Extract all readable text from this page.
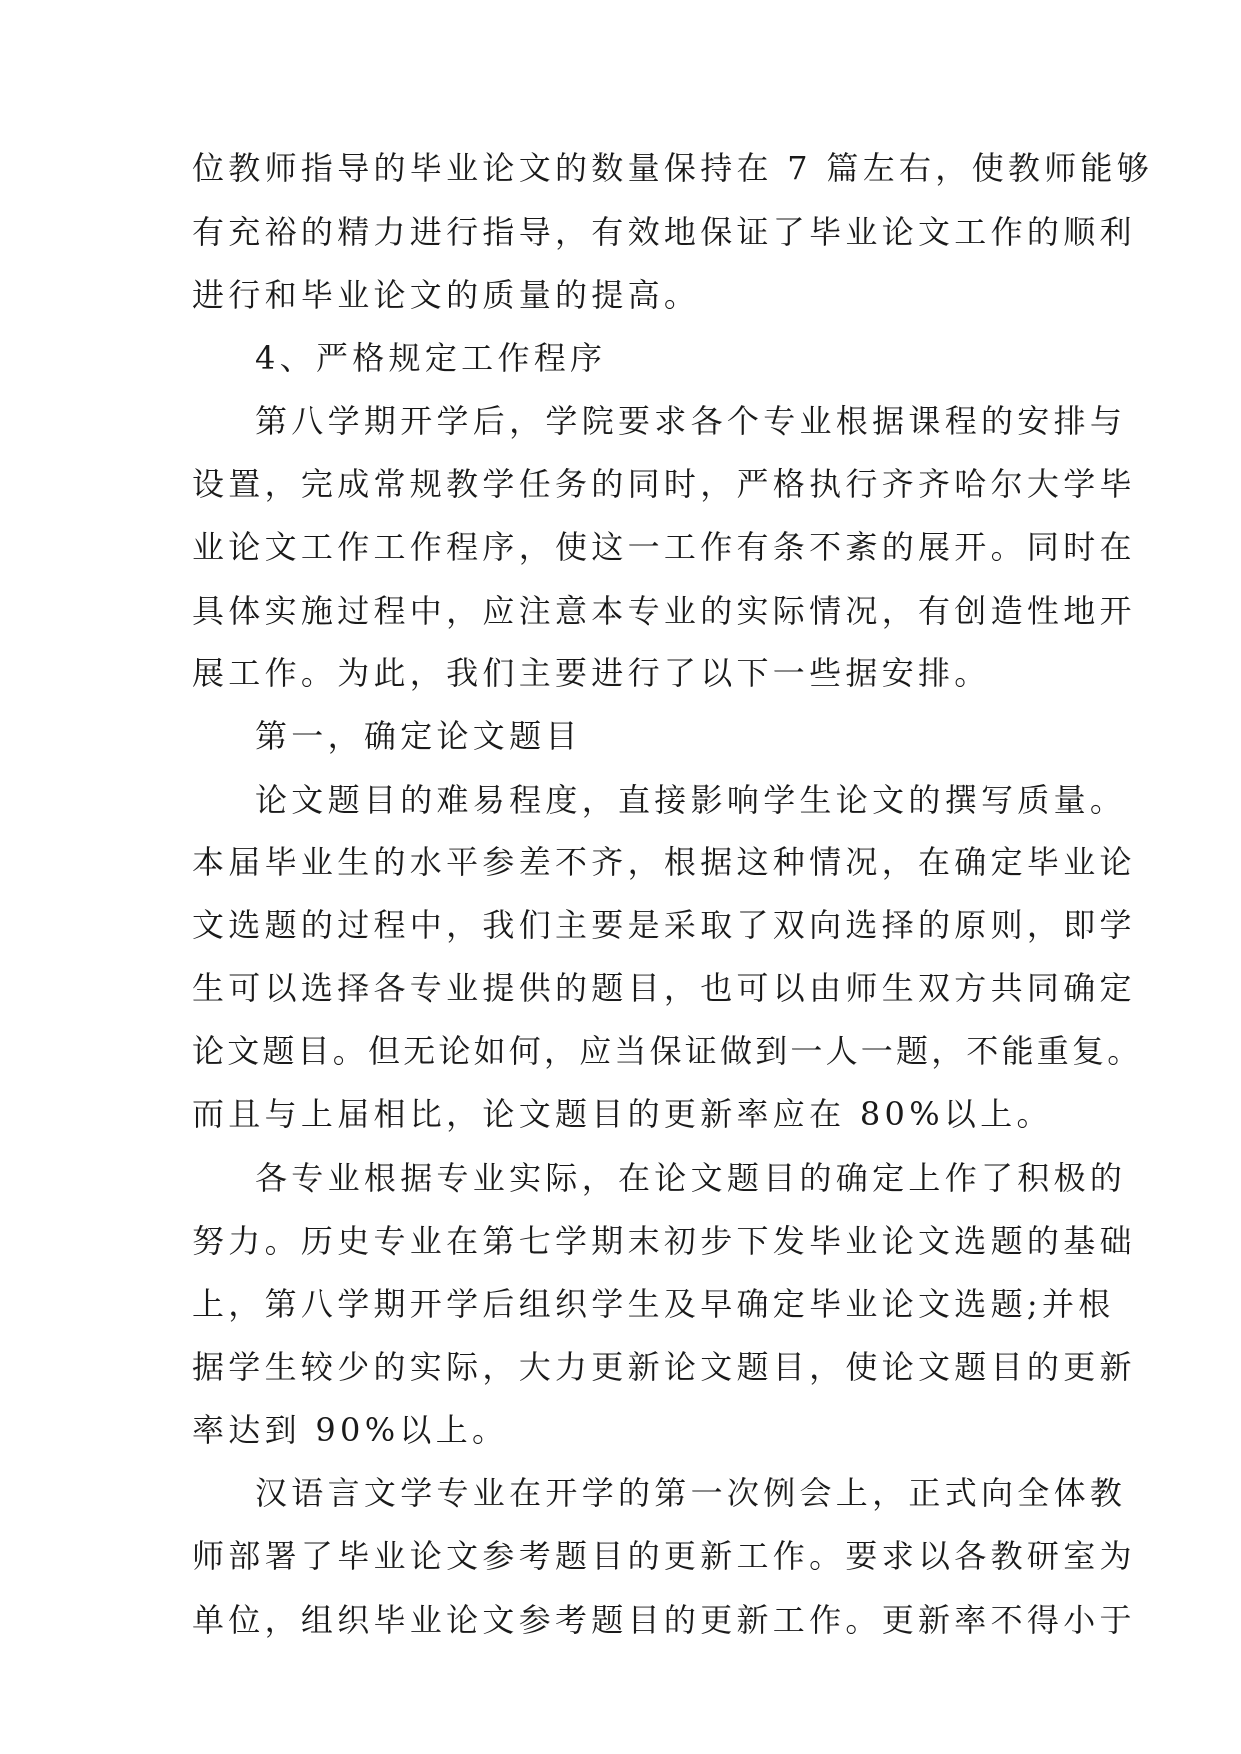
位教师指导的毕业论文的数量保持在 7 篇左右，使教师能够

有充裕的精力进行指导，有效地保证了毕业论文工作的顺利

进行和毕业论文的质量的提高。

4、严格规定工作程序

第八学期开学后，学院要求各个专业根据课程的安排与

设置，完成常规教学任务的同时，严格执行齐齐哈尔大学毕

业论文工作工作程序，使这一工作有条不紊的展开。同时在

具体实施过程中，应注意本专业的实际情况，有创造性地开

展工作。为此，我们主要进行了以下一些据安排。

第一，确定论文题目

论文题目的难易程度，直接影响学生论文的撰写质量。

本届毕业生的水平参差不齐，根据这种情况，在确定毕业论

文选题的过程中，我们主要是采取了双向选择的原则，即学

生可以选择各专业提供的题目，也可以由师生双方共同确定

论文题目。但无论如何，应当保证做到一人一题，不能重复。

而且与上届相比，论文题目的更新率应在 80%以上。

各专业根据专业实际，在论文题目的确定上作了积极的

努力。历史专业在第七学期末初步下发毕业论文选题的基础

上，第八学期开学后组织学生及早确定毕业论文选题;并根

据学生较少的实际，大力更新论文题目，使论文题目的更新

率达到 90%以上。

汉语言文学专业在开学的第一次例会上，正式向全体教

师部署了毕业论文参考题目的更新工作。要求以各教研室为

单位，组织毕业论文参考题目的更新工作。更新率不得小于
